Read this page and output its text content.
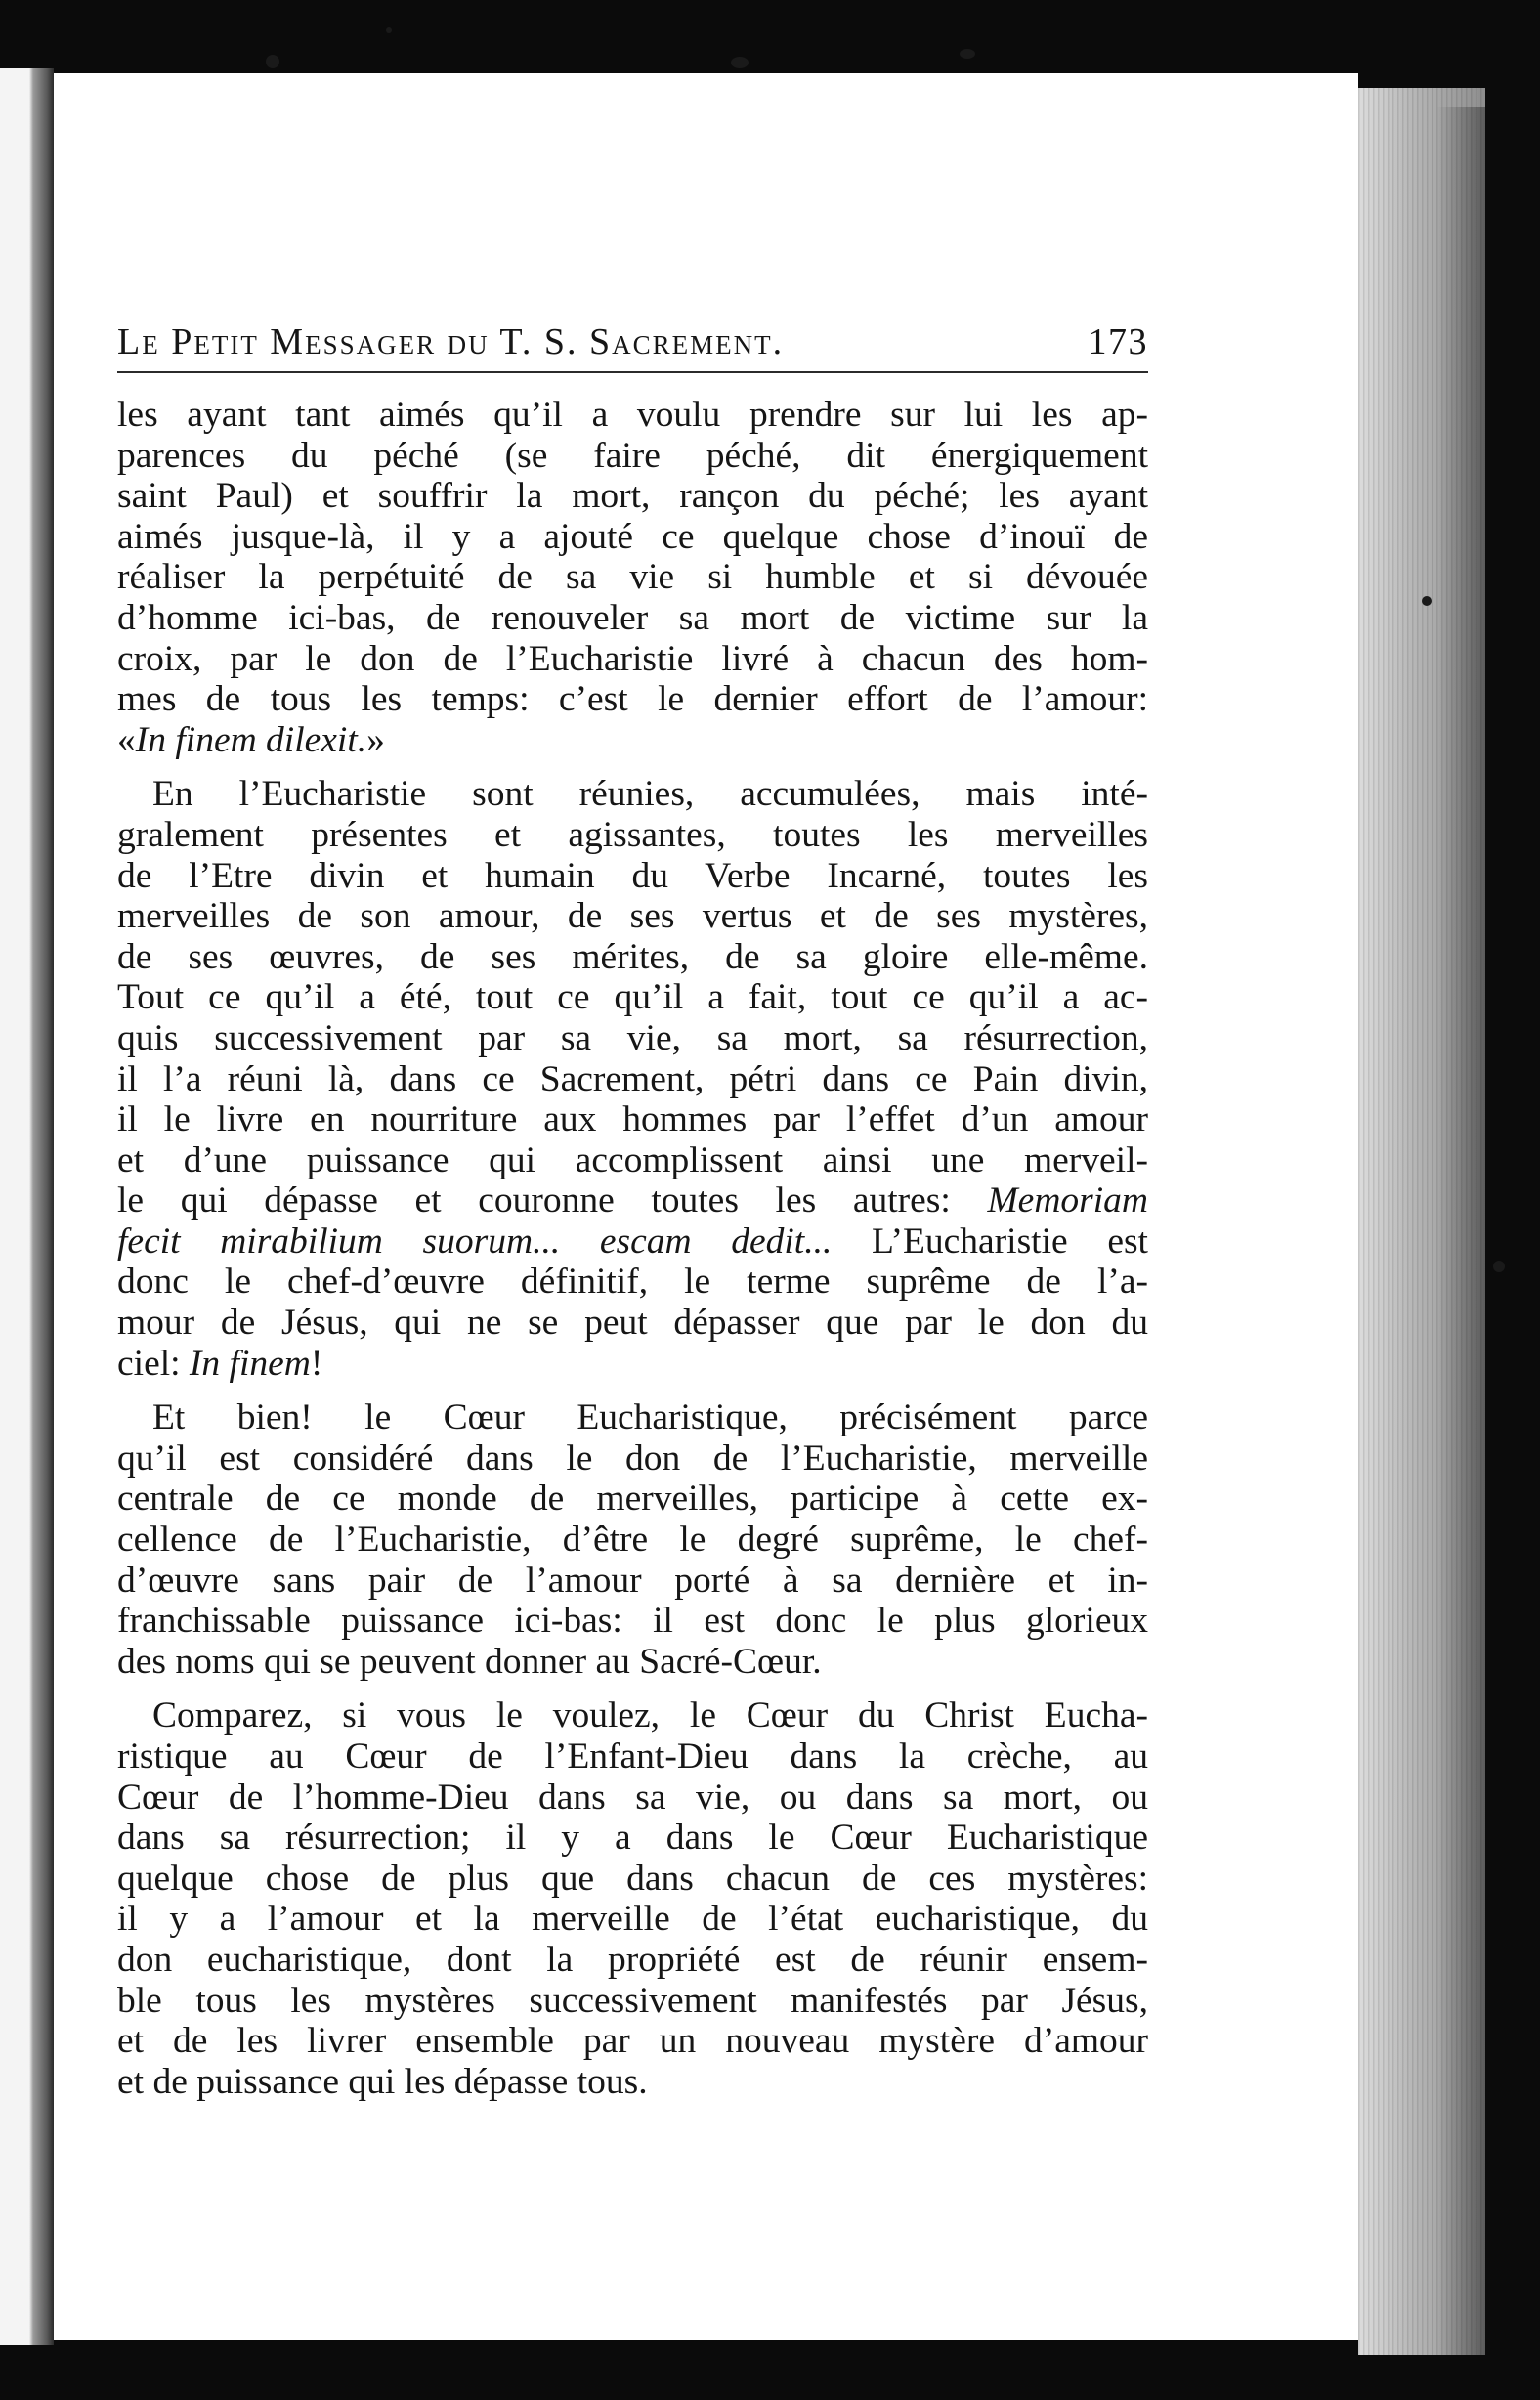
Le Petit Messager du T. S. Sacrement.	173

les ayant tant aimés qu’il a voulu prendre sur lui les ap-
parences du péché (se faire péché, dit énergiquement
saint Paul) et souffrir la mort, rançon du péché; les ayant
aimés jusque-là, il y a ajouté ce quelque chose d’inouï de
réaliser la perpétuité de sa vie si humble et si dévouée
d’homme ici-bas, de renouveler sa mort de victime sur la
croix, par le don de l’Eucharistie livré à chacun des hom-
mes de tous les temps: c’est le dernier effort de l’amour:
«In finem dilexit.»

En l’Eucharistie sont réunies, accumulées, mais inté-
gralement présentes et agissantes, toutes les merveilles
de l’Etre divin et humain du Verbe Incarné, toutes les
merveilles de son amour, de ses vertus et de ses mystères,
de ses œuvres, de ses mérites, de sa gloire elle-même.
Tout ce qu’il a été, tout ce qu’il a fait, tout ce qu’il a ac-
quis successivement par sa vie, sa mort, sa résurrection,
il l’a réuni là, dans ce Sacrement, pétri dans ce Pain divin,
il le livre en nourriture aux hommes par l’effet d’un amour
et d’une puissance qui accomplissent ainsi une merveil-
le qui dépasse et couronne toutes les autres: Memoriam
fecit mirabilium suorum... escam dedit... L’Eucharistie est
donc le chef-d’œuvre définitif, le terme suprême de l’a-
mour de Jésus, qui ne se peut dépasser que par le don du
ciel: In finem!

Et bien! le Cœur Eucharistique, précisément parce
qu’il est considéré dans le don de l’Eucharistie, merveille
centrale de ce monde de merveilles, participe à cette ex-
cellence de l’Eucharistie, d’être le degré suprême, le chef-
d’œuvre sans pair de l’amour porté à sa dernière et in-
franchissable puissance ici-bas: il est donc le plus glorieux
des noms qui se peuvent donner au Sacré-Cœur.

Comparez, si vous le voulez, le Cœur du Christ Eucha-
ristique au Cœur de l’Enfant-Dieu dans la crèche, au
Cœur de l’homme-Dieu dans sa vie, ou dans sa mort, ou
dans sa résurrection; il y a dans le Cœur Eucharistique
quelque chose de plus que dans chacun de ces mystères:
il y a l’amour et la merveille de l’état eucharistique, du
don eucharistique, dont la propriété est de réunir ensem-
ble tous les mystères successivement manifestés par Jésus,
et de les livrer ensemble par un nouveau mystère d’amour
et de puissance qui les dépasse tous.
